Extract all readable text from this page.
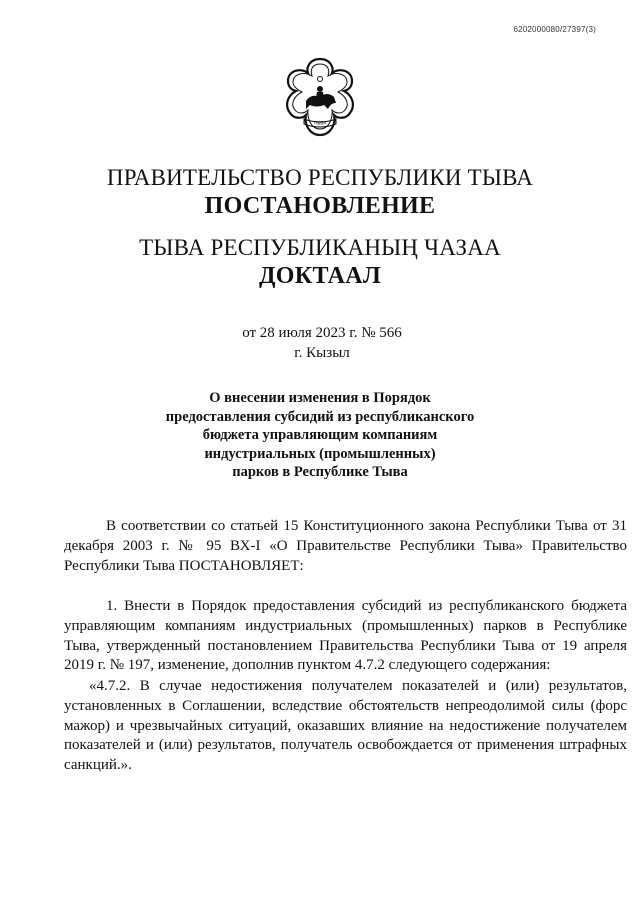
6202000080/27397(3)
ТЫВА
ПРАВИТЕЛЬСТВО РЕСПУБЛИКИ ТЫВА
ПОСТАНОВЛЕНИЕ
ТЫВА РЕСПУБЛИКАНЫҢ ЧАЗАА
ДОКТААЛ
от 28 июля 2023 г. № 566
г. Кызыл
О внесении изменения в Порядок
предоставления субсидий из республиканского
бюджета управляющим компаниям
индустриальных (промышленных)
парков в Республике Тыва
В соответствии со статьей 15 Конституционного закона Республики Тыва от 31 декабря 2003 г. № 95 ВХ-I «О Правительстве Республики Тыва» Правительство Республики Тыва ПОСТАНОВЛЯЕТ:
1. Внести в Порядок предоставления субсидий из республиканского бюджета управляющим компаниям индустриальных (промышленных) парков в Республике Тыва, утвержденный постановлением Правительства Республики Тыва от 19 апреля 2019 г. № 197, изменение, дополнив пунктом 4.7.2 следующего содержания:
«4.7.2. В случае недостижения получателем показателей и (или) результатов, установленных в Соглашении, вследствие обстоятельств непреодолимой силы (форс мажор) и чрезвычайных ситуаций, оказавших влияние на недостижение получателем показателей и (или) результатов, получатель освобождается от применения штрафных санкций.».
